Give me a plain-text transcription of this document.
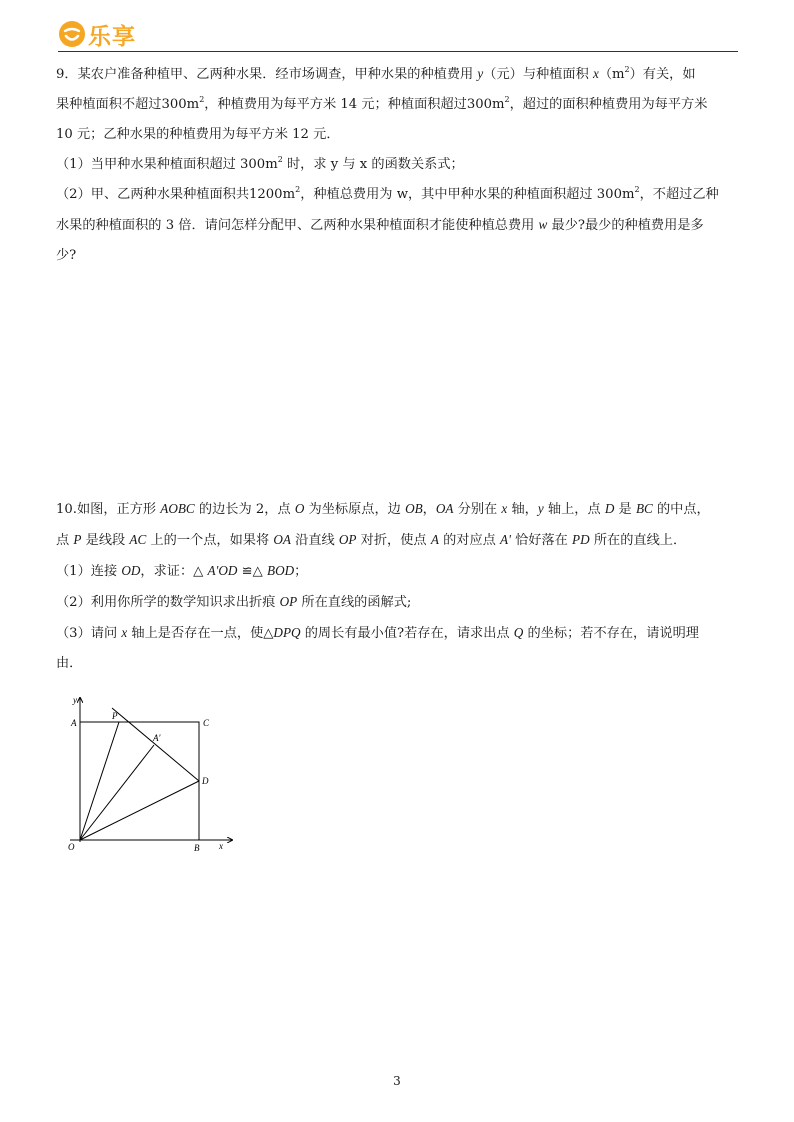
乐享

9．某农户准备种植甲、乙两种水果．经市场调查，甲种水果的种植费用 y（元）与种植面积 $x(m^2)$有关，如
果种植面积不超过$300m^2$，种植费用为每平方米 14 元；种植面积超过$300m^2$，超过的面积种植费用为每平方米
10 元；乙种水果的种植费用为每平方米 12 元．

（1）当甲种水果种植面积超过 $300m^2$ 时，求 y 与 x 的函数关系式；

（2）甲、乙两种水果种植面积共$1200m^2$，种植总费用为 w，其中甲种水果的种植面积超过 $300m^2$，不超过乙种
水果的种植面积的 3 倍．请问怎样分配甲、乙两种水果种植面积才能使种植总费用 w 最少?最少的种植费用是多
少?

10.如图，正方形 AOBC 的边长为 2，点 O 为坐标原点，边 OB，OA 分别在 x 轴，y 轴上，点 D 是 BC 的中点，
点 P 是线段 AC 上的一个点，如果将 OA 沿直线 OP 对折，使点 A 的对应点 A' 恰好落在 PD 所在的直线上．

（1）连接 OD，求证：△ A'OD ≌△ BOD；

（2）利用你所学的数学知识求出折痕 OP 所在直线的函解式;

（3）请问 x 轴上是否存在一点，使△DPQ 的周长有最小值?若存在，请求出点 Q 的坐标；若不存在，请说明理
由．

y
x
A
P
C
A'
D
O	B
3
